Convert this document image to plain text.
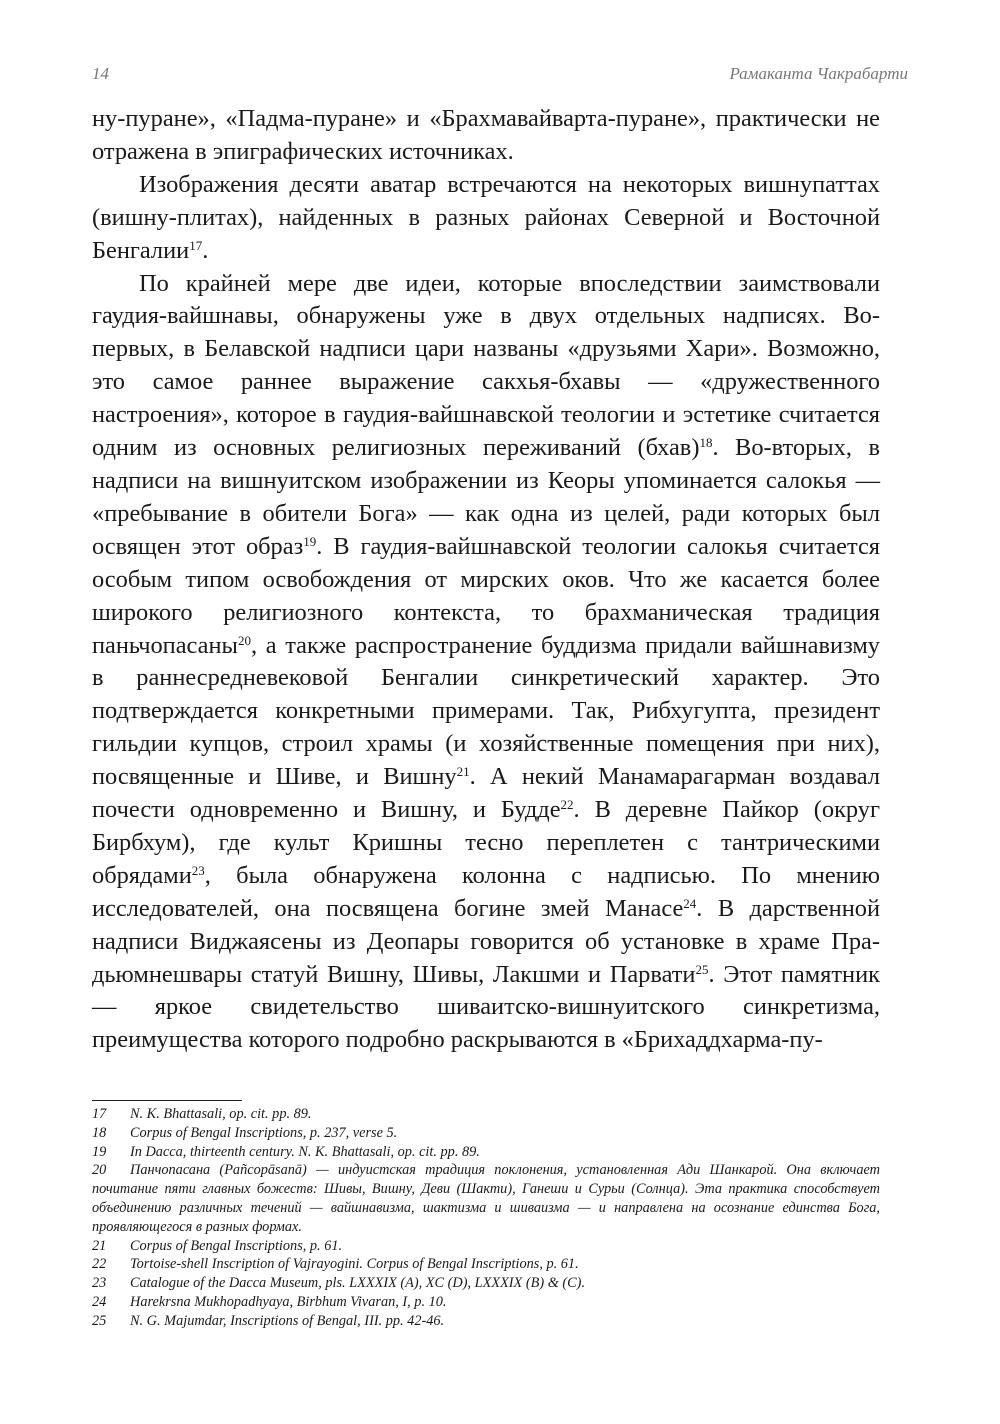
14	Рамаканта Чакрабарти

ну-пуране», «Падма-пуране» и «Брахмавайварта-пуране», практически не отражена в эпиграфических источниках.

Изображения десяти аватар встречаются на некоторых вишнупаттах (вишну-плитах), найденных в разных районах Северной и Восточной Бенгалии$^{17}$.

По крайней мере две идеи, которые впоследствии заимствовали гаудия-вайшнавы, обнаружены уже в двух отдельных надписях. Во-первых, в Белавской надписи цари названы «друзьями Хари». Возможно, это самое раннее выражение сакхья-бхавы — «дружественного настроения», которое в гаудия-вайшнавской теологии и эстетике считается одним из основных религиозных переживаний (бхав)$^{18}$. Во-вторых, в надписи на вишнуитском изображении из Кеоры упоминается салокья — «пребывание в обители Бога» — как одна из целей, ради которых был освящен этот образ$^{19}$. В гаудия-вайшнавской теологии салокья считается особым типом освобождения от мирских оков. Что же касается более широкого религиозного контекста, то брахманическая традиция паньчопасаны$^{20}$, а также распространение буддизма придали вайшнавизму в раннесредневековой Бенгалии синкретический характер. Это подтверждается конкретными примерами. Так, Рибхугупта, президент гильдии купцов, строил храмы (и хозяйственные помещения при них), посвященные и Шиве, и Вишну$^{21}$. А некий Манамарагарман воздавал почести одновременно и Вишну, и Будде$^{22}$. В деревне Пайкор (округ Бирбхум), где культ Кришны тесно переплетен с тантрическими обрядами$^{23}$, была обнаружена колонна с надписью. По мнению исследователей, она посвящена богине змей Манасе$^{24}$. В дарственной надписи Виджаясены из Деопары говорится об установке в храме Прадьюмнешвары статуй Вишну, Шивы, Лакшми и Парвати$^{25}$. Этот памятник — яркое свидетельство шиваитско-вишнуитского синкретизма, преимущества которого подробно раскрываются в «Брихаддхарма-пу-

17 N. K. Bhattasali, op. cit. pp. 89.

18 Corpus of Bengal Inscriptions, p. 237, verse 5.

19 In Dacca, thirteenth century. N. K. Bhattasali, op. cit. pp. 89.

20 Панчопасана (Pañcopāsanā) — индуистская традиция поклонения, установленная Ади Шанкарой. Она включает почитание пяти главных божеств: Шивы, Вишну, Деви (Шакти), Ганеши и Сурьи (Солнца). Эта практика способствует объединению различных течений — вайшнавизма, шактизма и шиваизма — и направлена на осознание единства Бога, проявляющегося в разных формах.

21 Corpus of Bengal Inscriptions, p. 61.

22 Tortoise-shell Inscription of Vajrayogini. Corpus of Bengal Inscriptions, p. 61.

23 Catalogue of the Dacca Museum, pls. LXXXIX (A), XC (D), LXXXIX (B) & (C).

24 Harekrsna Mukhopadhyaya, Birbhum Vivaran, I, p. 10.

25 N. G. Majumdar, Inscriptions of Bengal, III. pp. 42-46.
